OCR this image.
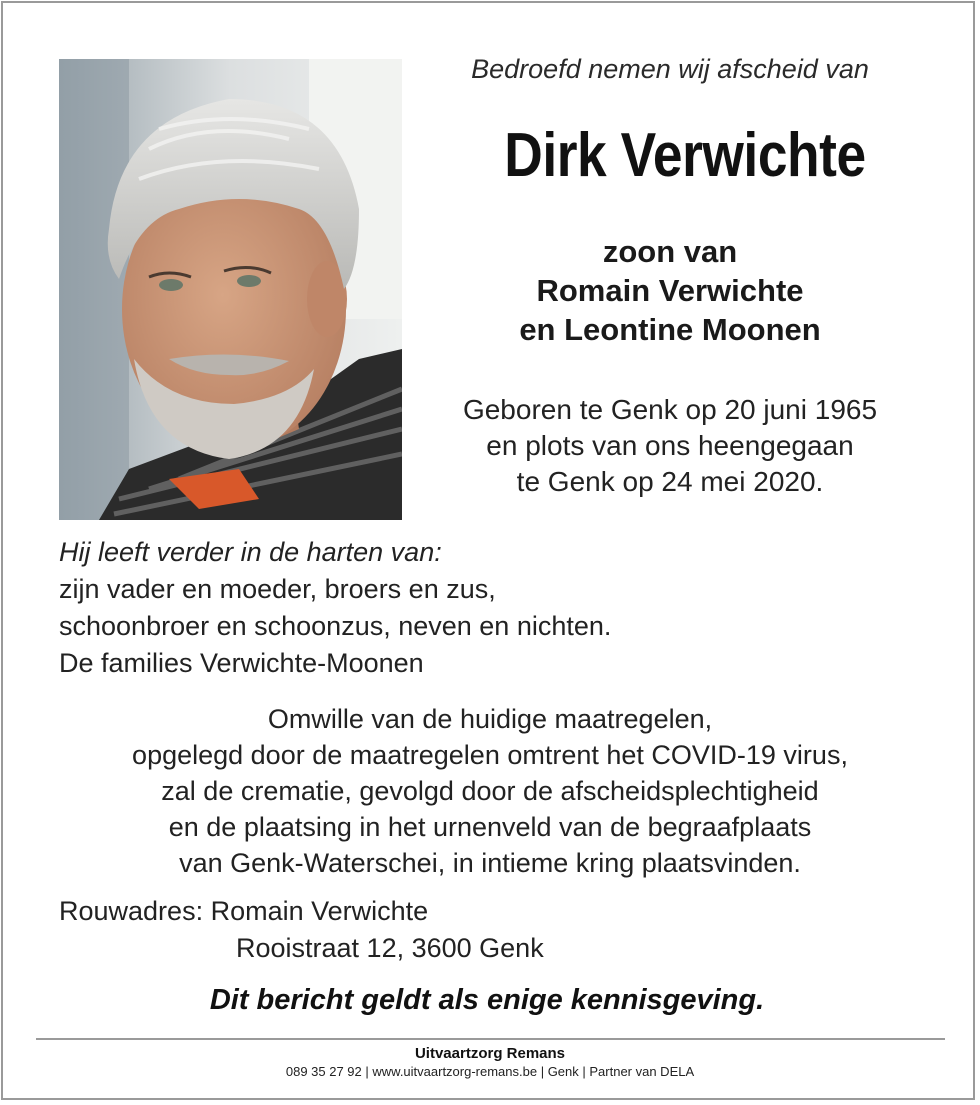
Bedroefd nemen wij afscheid van
Dirk Verwichte
zoon van
Romain Verwichte
en Leontine Moonen
Geboren te Genk op 20 juni 1965
en plots van ons heengegaan
te Genk op 24 mei 2020.
Hij leeft verder in de harten van:
zijn vader en moeder, broers en zus,
schoonbroer en schoonzus, neven en nichten.
De families Verwichte-Moonen
Omwille van de huidige maatregelen,
opgelegd door de maatregelen omtrent het COVID-19 virus,
zal de crematie, gevolgd door de afscheidsplechtigheid
en de plaatsing in het urnenveld van de begraafplaats
van Genk-Waterschei, in intieme kring plaatsvinden.
Rouwadres: Romain Verwichte
Rooistraat 12, 3600 Genk
Dit bericht geldt als enige kennisgeving.
Uitvaartzorg Remans
089 35 27 92 | www.uitvaartzorg-remans.be | Genk | Partner van DELA
